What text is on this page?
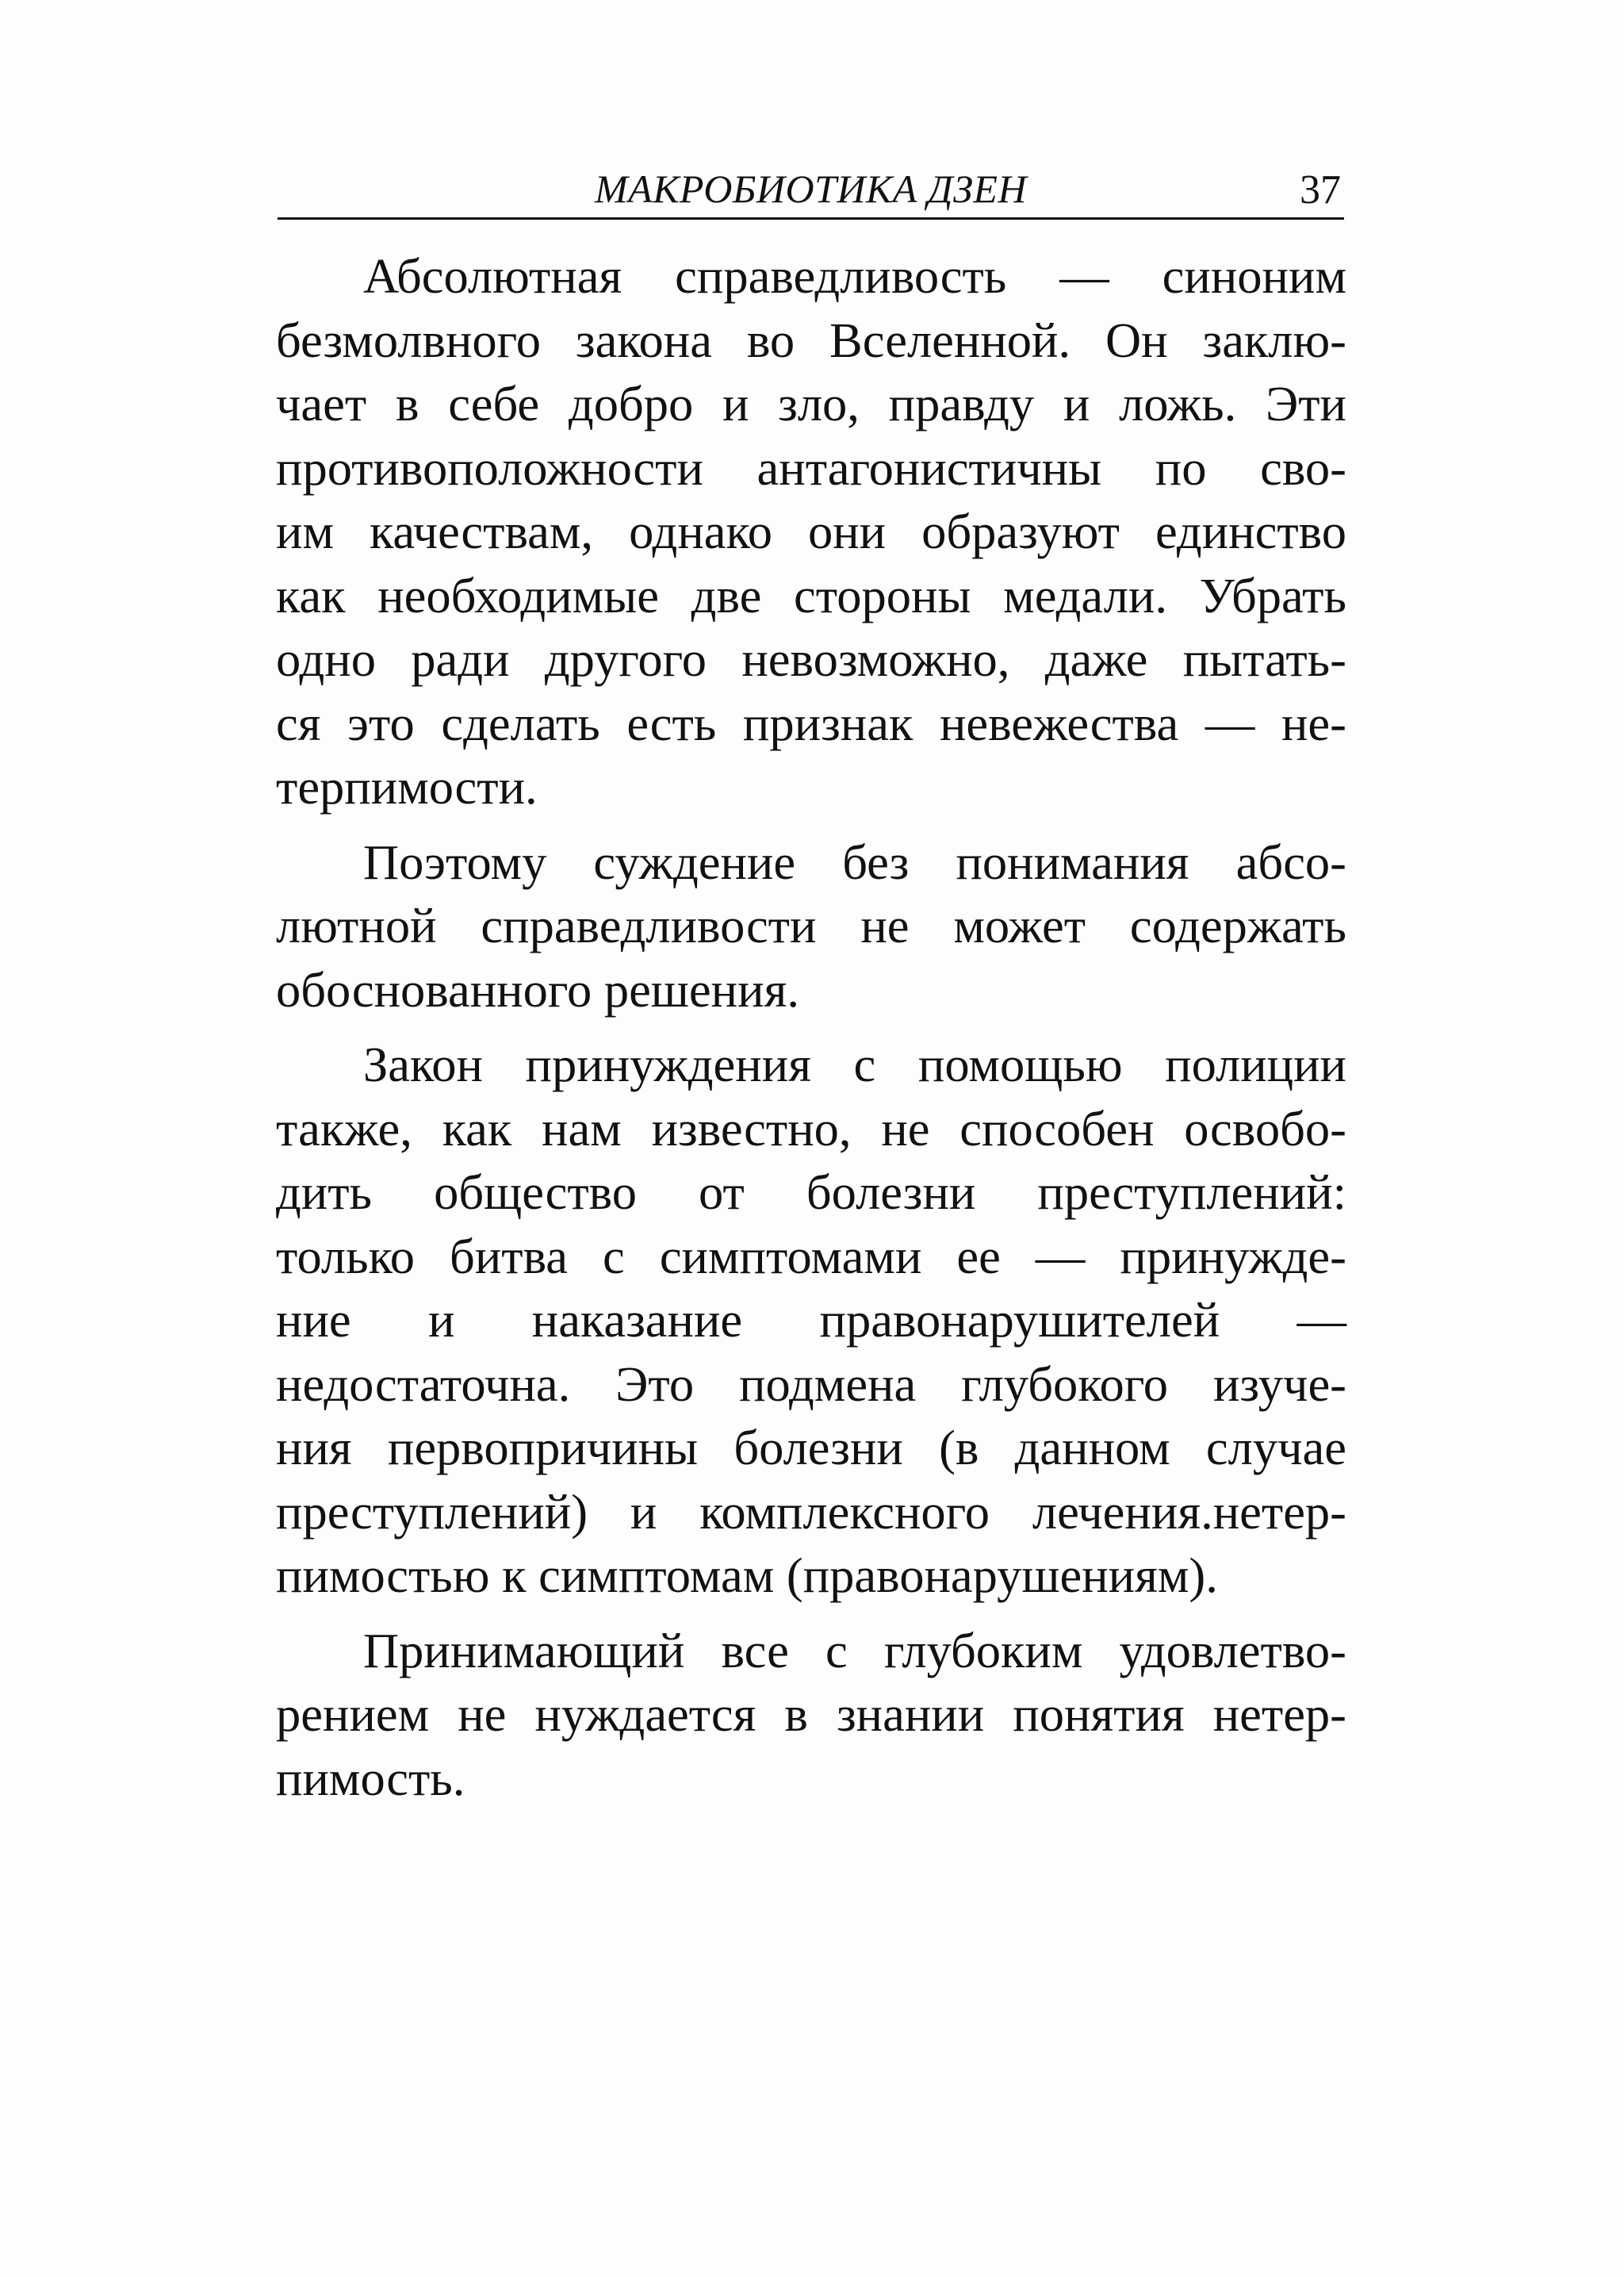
МАКРОБИОТИКА ДЗЕН	37
Абсолютная справедливость — синоним
безмолвного закона во Вселенной. Он заклю-
чает в себе добро и зло, правду и ложь. Эти
противоположности антагонистичны по сво-
им качествам, однако они образуют единство
как необходимые две стороны медали. Убрать
одно ради другого невозможно, даже пытать-
ся это сделать есть признак невежества — не-
терпимости.
Поэтому суждение без понимания абсо-
лютной справедливости не может содержать
обоснованного решения.
Закон принуждения с помощью полиции
также, как нам известно, не способен освобо-
дить общество от болезни преступлений:
только битва с симптомами ее — принужде-
ние и наказание правонарушителей —
недостаточна. Это подмена глубокого изуче-
ния первопричины болезни (в данном случае
преступлений) и комплексного лечения.нетер-
пимостью к симптомам (правонарушениям).
Принимающий все с глубоким удовлетво-
рением не нуждается в знании понятия нетер-
пимость.
